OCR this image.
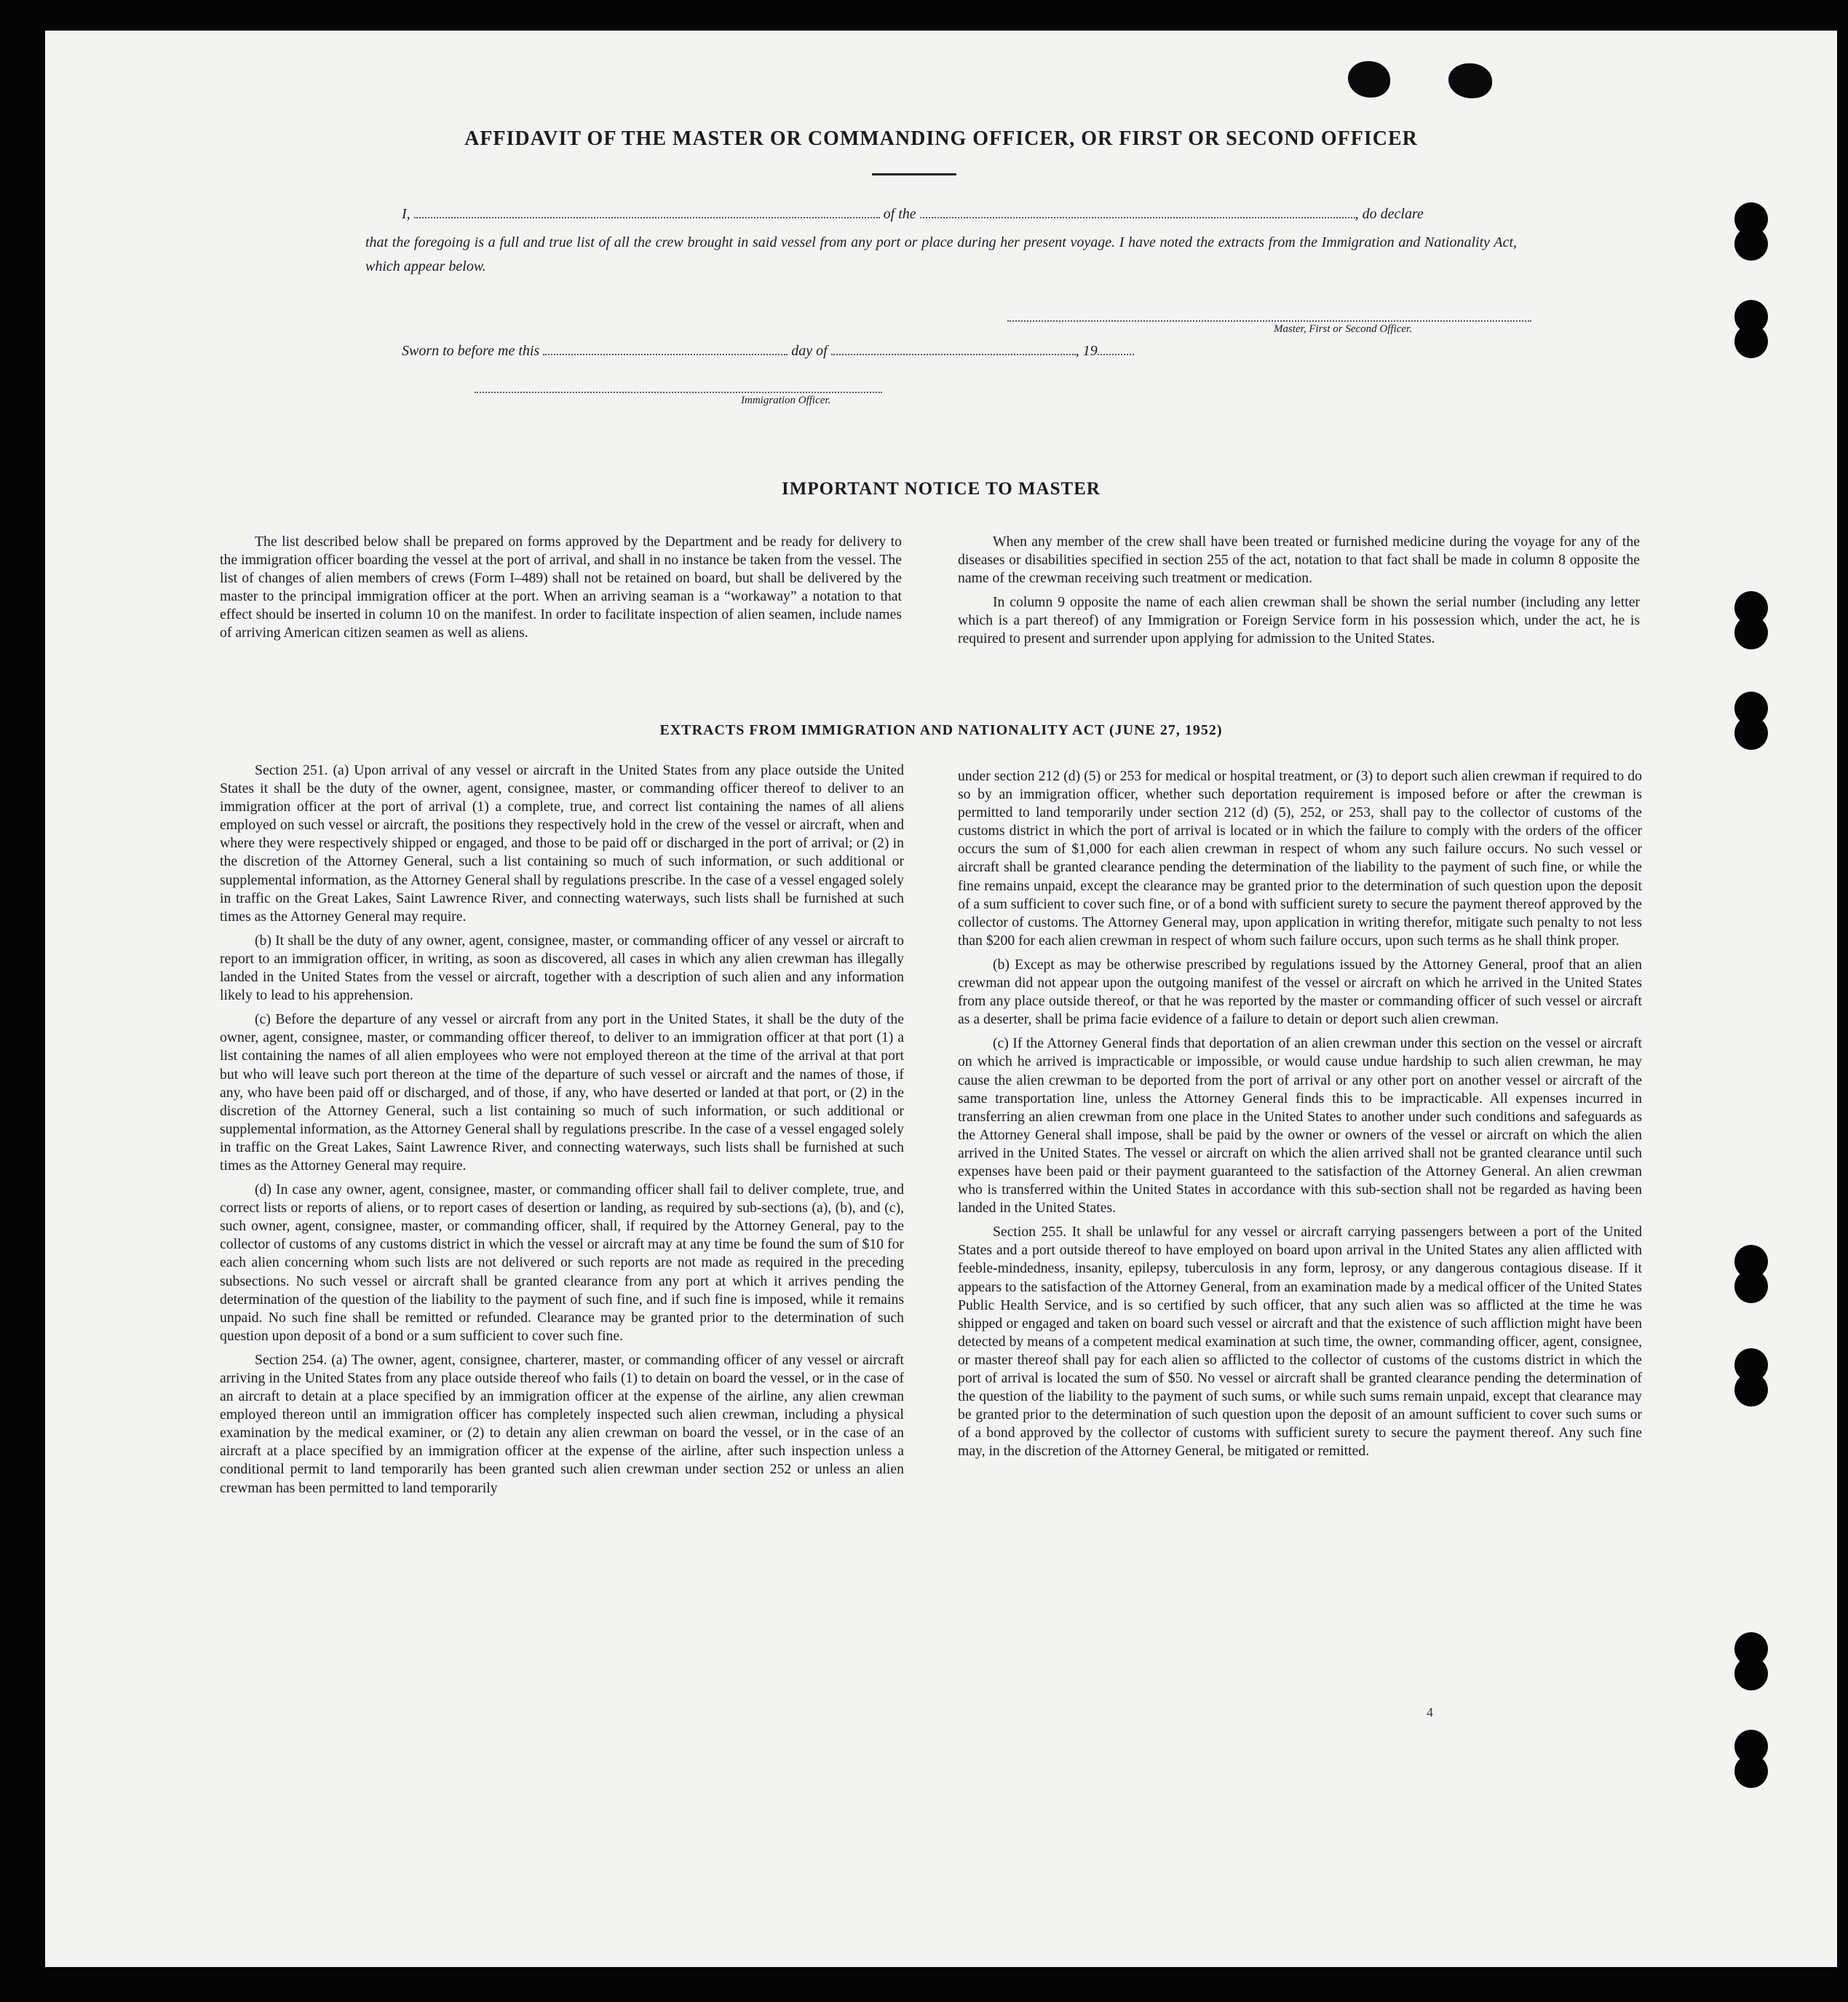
AFFIDAVIT OF THE MASTER OR COMMANDING OFFICER, OR FIRST OR SECOND OFFICER
I,	of the	, do declare
that the foregoing is a full and true list of all the crew brought in said vessel from any port or place during her present voyage. I have noted the extracts from the Immigration and Nationality Act, which appear below.
Master, First or Second Officer.
Sworn to before me this	day of	, 19
Immigration Officer.
IMPORTANT NOTICE TO MASTER

The list described below shall be prepared on forms approved by the Department and be ready for delivery to the immigration officer boarding the vessel at the port of arrival, and shall in no instance be taken from the vessel. The list of changes of alien members of crews (Form I–489) shall not be retained on board, but shall be delivered by the master to the principal immigration officer at the port. When an arriving seaman is a “workaway” a notation to that effect should be inserted in column 10 on the manifest. In order to facilitate inspection of alien seamen, include names of arriving American citizen seamen as well as aliens.

When any member of the crew shall have been treated or furnished medicine during the voyage for any of the diseases or disabilities specified in section 255 of the act, notation to that fact shall be made in column 8 opposite the name of the crewman receiving such treatment or medication.

In column 9 opposite the name of each alien crewman shall be shown the serial number (including any letter which is a part thereof) of any Immigration or Foreign Service form in his possession which, under the act, he is required to present and surrender upon applying for admission to the United States.

EXTRACTS FROM IMMIGRATION AND NATIONALITY ACT (JUNE 27, 1952)

Section 251. (a) Upon arrival of any vessel or aircraft in the United States from any place outside the United States it shall be the duty of the owner, agent, consignee, master, or commanding officer thereof to deliver to an immigration officer at the port of arrival (1) a complete, true, and correct list containing the names of all aliens employed on such vessel or aircraft, the positions they respectively hold in the crew of the vessel or aircraft, when and where they were respectively shipped or engaged, and those to be paid off or discharged in the port of arrival; or (2) in the discretion of the Attorney General, such a list containing so much of such information, or such additional or supplemental information, as the Attorney General shall by regulations prescribe. In the case of a vessel engaged solely in traffic on the Great Lakes, Saint Lawrence River, and connecting waterways, such lists shall be furnished at such times as the Attorney General may require.

(b) It shall be the duty of any owner, agent, consignee, master, or commanding officer of any vessel or aircraft to report to an immigration officer, in writing, as soon as discovered, all cases in which any alien crewman has illegally landed in the United States from the vessel or aircraft, together with a description of such alien and any information likely to lead to his apprehension.

(c) Before the departure of any vessel or aircraft from any port in the United States, it shall be the duty of the owner, agent, consignee, master, or commanding officer thereof, to deliver to an immigration officer at that port (1) a list containing the names of all alien employees who were not employed thereon at the time of the arrival at that port but who will leave such port thereon at the time of the departure of such vessel or aircraft and the names of those, if any, who have been paid off or discharged, and of those, if any, who have deserted or landed at that port, or (2) in the discretion of the Attorney General, such a list containing so much of such information, or such additional or supplemental information, as the Attorney General shall by regulations prescribe. In the case of a vessel engaged solely in traffic on the Great Lakes, Saint Lawrence River, and connecting waterways, such lists shall be furnished at such times as the Attorney General may require.

(d) In case any owner, agent, consignee, master, or commanding officer shall fail to deliver complete, true, and correct lists or reports of aliens, or to report cases of desertion or landing, as required by sub-sections (a), (b), and (c), such owner, agent, consignee, master, or commanding officer, shall, if required by the Attorney General, pay to the collector of customs of any customs district in which the vessel or aircraft may at any time be found the sum of $10 for each alien concerning whom such lists are not delivered or such reports are not made as required in the preceding subsections. No such vessel or aircraft shall be granted clearance from any port at which it arrives pending the determination of the question of the liability to the payment of such fine, and if such fine is imposed, while it remains unpaid. No such fine shall be remitted or refunded. Clearance may be granted prior to the determination of such question upon deposit of a bond or a sum sufficient to cover such fine.

Section 254. (a) The owner, agent, consignee, charterer, master, or commanding officer of any vessel or aircraft arriving in the United States from any place outside thereof who fails (1) to detain on board the vessel, or in the case of an aircraft to detain at a place specified by an immigration officer at the expense of the airline, any alien crewman employed thereon until an immigration officer has completely inspected such alien crewman, including a physical examination by the medical examiner, or (2) to detain any alien crewman on board the vessel, or in the case of an aircraft at a place specified by an immigration officer at the expense of the airline, after such inspection unless a conditional permit to land temporarily has been granted such alien crewman under section 252 or unless an alien crewman has been permitted to land temporarily

under section 212 (d) (5) or 253 for medical or hospital treatment, or (3) to deport such alien crewman if required to do so by an immigration officer, whether such deportation requirement is imposed before or after the crewman is permitted to land temporarily under section 212 (d) (5), 252, or 253, shall pay to the collector of customs of the customs district in which the port of arrival is located or in which the failure to comply with the orders of the officer occurs the sum of $1,000 for each alien crewman in respect of whom any such failure occurs. No such vessel or aircraft shall be granted clearance pending the determination of the liability to the payment of such fine, or while the fine remains unpaid, except the clearance may be granted prior to the determination of such question upon the deposit of a sum sufficient to cover such fine, or of a bond with sufficient surety to secure the payment thereof approved by the collector of customs. The Attorney General may, upon application in writing therefor, mitigate such penalty to not less than $200 for each alien crewman in respect of whom such failure occurs, upon such terms as he shall think proper.

(b) Except as may be otherwise prescribed by regulations issued by the Attorney General, proof that an alien crewman did not appear upon the outgoing manifest of the vessel or aircraft on which he arrived in the United States from any place outside thereof, or that he was reported by the master or commanding officer of such vessel or aircraft as a deserter, shall be prima facie evidence of a failure to detain or deport such alien crewman.

(c) If the Attorney General finds that deportation of an alien crewman under this section on the vessel or aircraft on which he arrived is impracticable or impossible, or would cause undue hardship to such alien crewman, he may cause the alien crewman to be deported from the port of arrival or any other port on another vessel or aircraft of the same transportation line, unless the Attorney General finds this to be impracticable. All expenses incurred in transferring an alien crewman from one place in the United States to another under such conditions and safeguards as the Attorney General shall impose, shall be paid by the owner or owners of the vessel or aircraft on which the alien arrived in the United States. The vessel or aircraft on which the alien arrived shall not be granted clearance until such expenses have been paid or their payment guaranteed to the satisfaction of the Attorney General. An alien crewman who is transferred within the United States in accordance with this sub-section shall not be regarded as having been landed in the United States.

Section 255. It shall be unlawful for any vessel or aircraft carrying passengers between a port of the United States and a port outside thereof to have employed on board upon arrival in the United States any alien afflicted with feeble-mindedness, insanity, epilepsy, tuberculosis in any form, leprosy, or any dangerous contagious disease. If it appears to the satisfaction of the Attorney General, from an examination made by a medical officer of the United States Public Health Service, and is so certified by such officer, that any such alien was so afflicted at the time he was shipped or engaged and taken on board such vessel or aircraft and that the existence of such affliction might have been detected by means of a competent medical examination at such time, the owner, commanding officer, agent, consignee, or master thereof shall pay for each alien so afflicted to the collector of customs of the customs district in which the port of arrival is located the sum of $50. No vessel or aircraft shall be granted clearance pending the determination of the question of the liability to the payment of such sums, or while such sums remain unpaid, except that clearance may be granted prior to the determination of such question upon the deposit of an amount sufficient to cover such sums or of a bond approved by the collector of customs with sufficient surety to secure the payment thereof. Any such fine may, in the discretion of the Attorney General, be mitigated or remitted.

4
